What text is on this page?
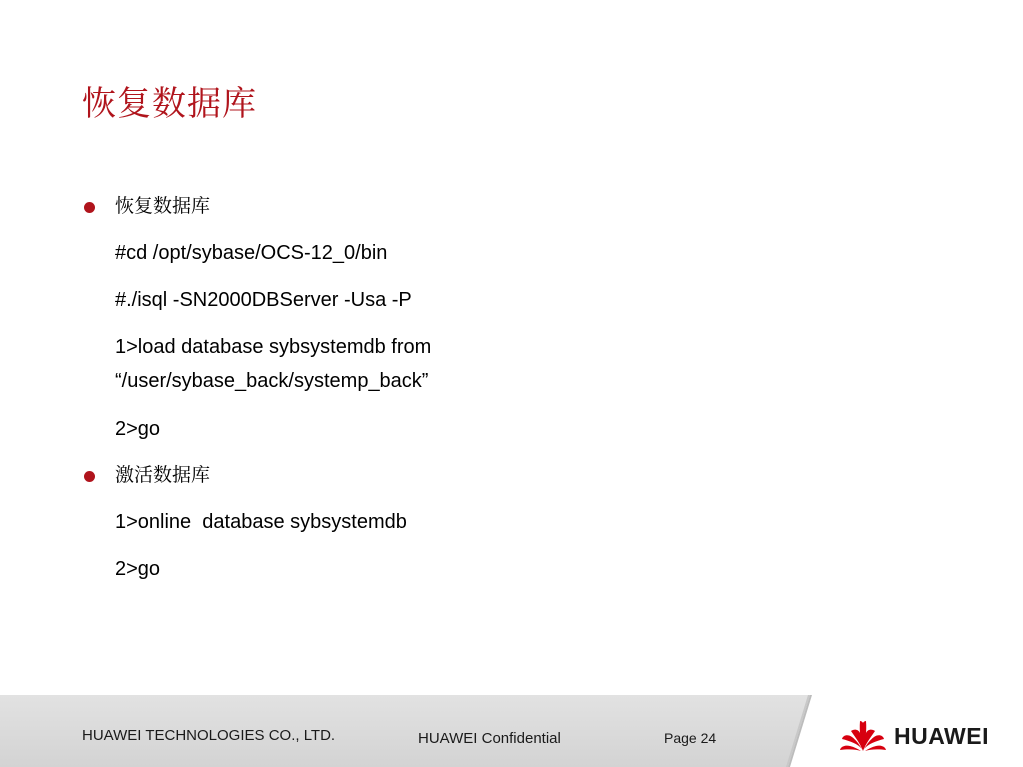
恢复数据库
恢复数据库
#cd /opt/sybase/OCS-12_0/bin
#./isql -SN2000DBServer -Usa -P
1>load database sybsystemdb from
“/user/sybase_back/systemp_back”
2>go
激活数据库
1>online  database sybsystemdb
2>go
HUAWEI TECHNOLOGIES CO., LTD.	HUAWEI Confidential	Page 24	HUAWEI
